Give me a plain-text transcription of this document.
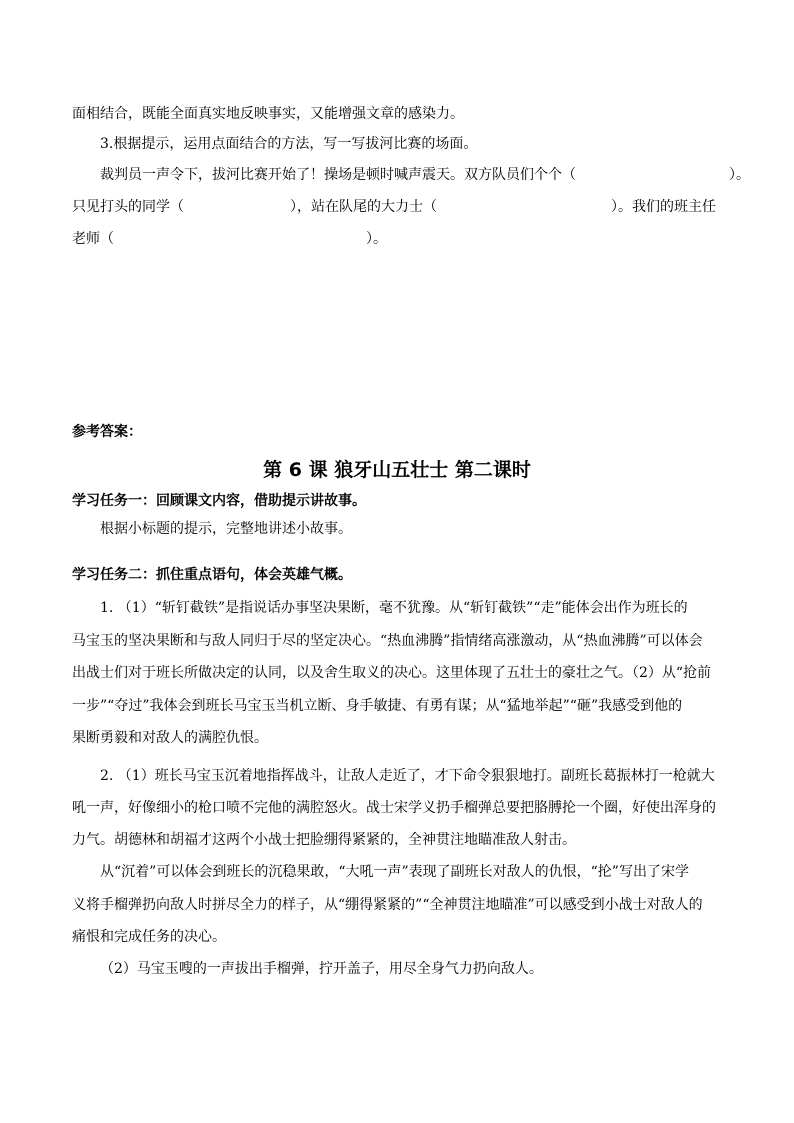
面相结合，既能全面真实地反映事实，又能增强文章的感染力。
3.根据提示，运用点面结合的方法，写一写拔河比赛的场面。
裁判员一声令下，拔河比赛开始了！操场是顿时喊声震天。双方队员们个个（	）。
只见打头的同学（	），站在队尾的大力士（	）。我们的班主任
老师（	）。
参考答案：
第 6 课 狼牙山五壮士 第二课时
学习任务一：回顾课文内容，借助提示讲故事。
根据小标题的提示，完整地讲述小故事。
学习任务二：抓住重点语句，体会英雄气概。
1. （1）“斩钉截铁”是指说话办事坚决果断，毫不犹豫。从“斩钉截铁”“走”能体会出作为班长的
马宝玉的坚决果断和与敌人同归于尽的坚定决心。“热血沸腾”指情绪高涨激动，从“热血沸腾”可以体会
出战士们对于班长所做决定的认同，以及舍生取义的决心。这里体现了五壮士的豪壮之气。（2）从“抢前
一步”“夺过”我体会到班长马宝玉当机立断、身手敏捷、有勇有谋；从“猛地举起”“砸”我感受到他的
果断勇毅和对敌人的满腔仇恨。
2. （1）班长马宝玉沉着地指挥战斗，让敌人走近了，才下命令狠狠地打。副班长葛振林打一枪就大
吼一声，好像细小的枪口喷不完他的满腔怒火。战士宋学义扔手榴弹总要把胳膊抡一个圈，好使出浑身的
力气。胡德林和胡福才这两个小战士把脸绷得紧紧的，全神贯注地瞄准敌人射击。
从“沉着”可以体会到班长的沉稳果敢，“大吼一声”表现了副班长对敌人的仇恨，“抡”写出了宋学
义将手榴弹扔向敌人时拼尽全力的样子，从“绷得紧紧的”“全神贯注地瞄准”可以感受到小战士对敌人的
痛恨和完成任务的决心。
（2）马宝玉嗖的一声拔出手榴弹，拧开盖子，用尽全身气力扔向敌人。
